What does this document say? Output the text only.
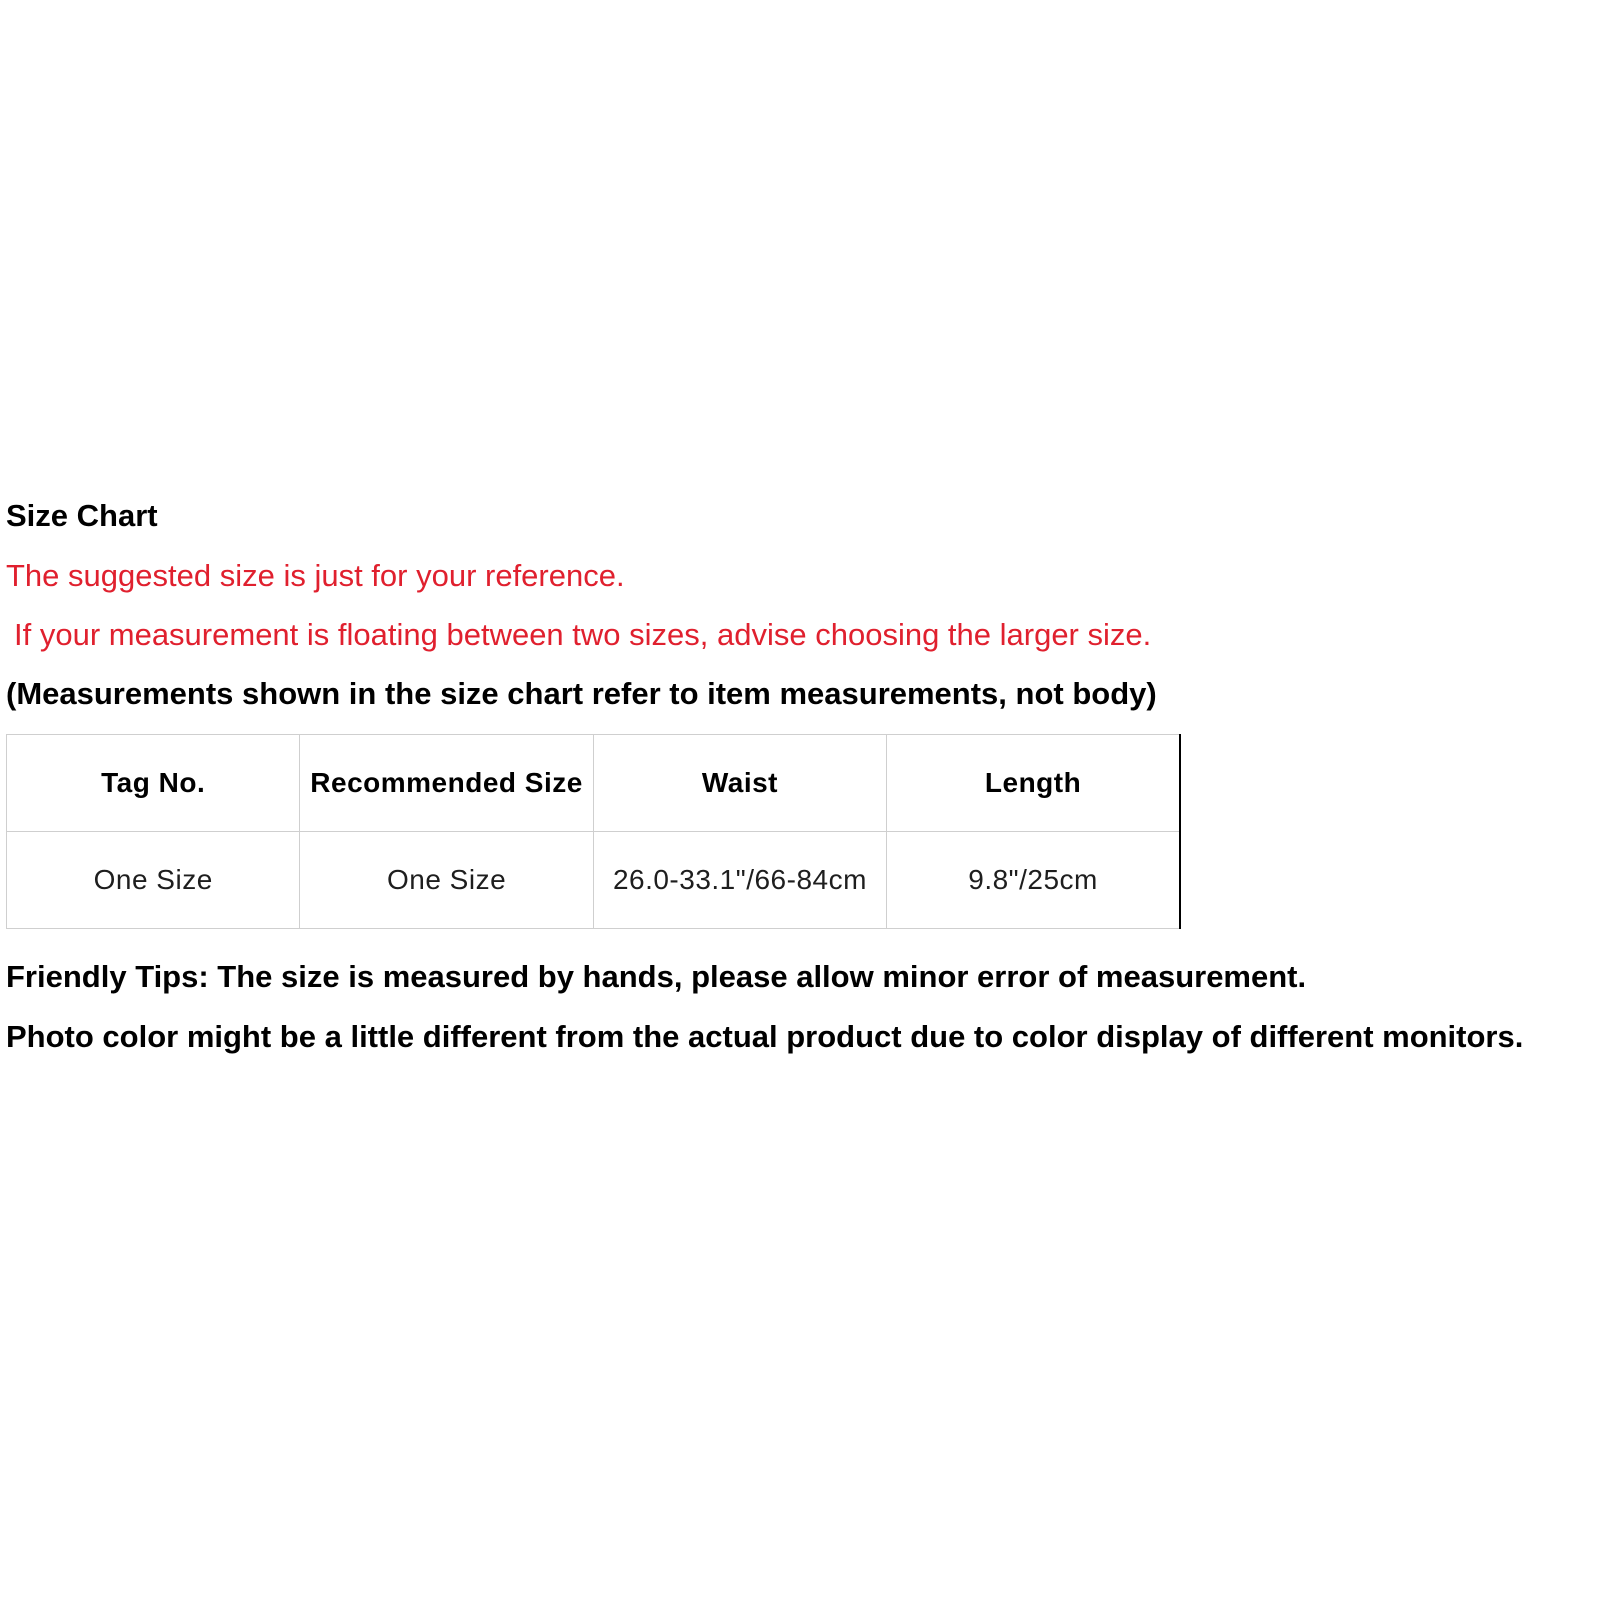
Size Chart
The suggested size is just for your reference.
If your measurement is floating between two sizes, advise choosing the larger size.
(Measurements shown in the size chart refer to item measurements, not body)
Tag No.	Recommended Size	Waist	Length
One Size	One Size	26.0-33.1"/66-84cm	9.8"/25cm
Friendly Tips: The size is measured by hands, please allow minor error of measurement.
Photo color might be a little different from the actual product due to color display of different monitors.
